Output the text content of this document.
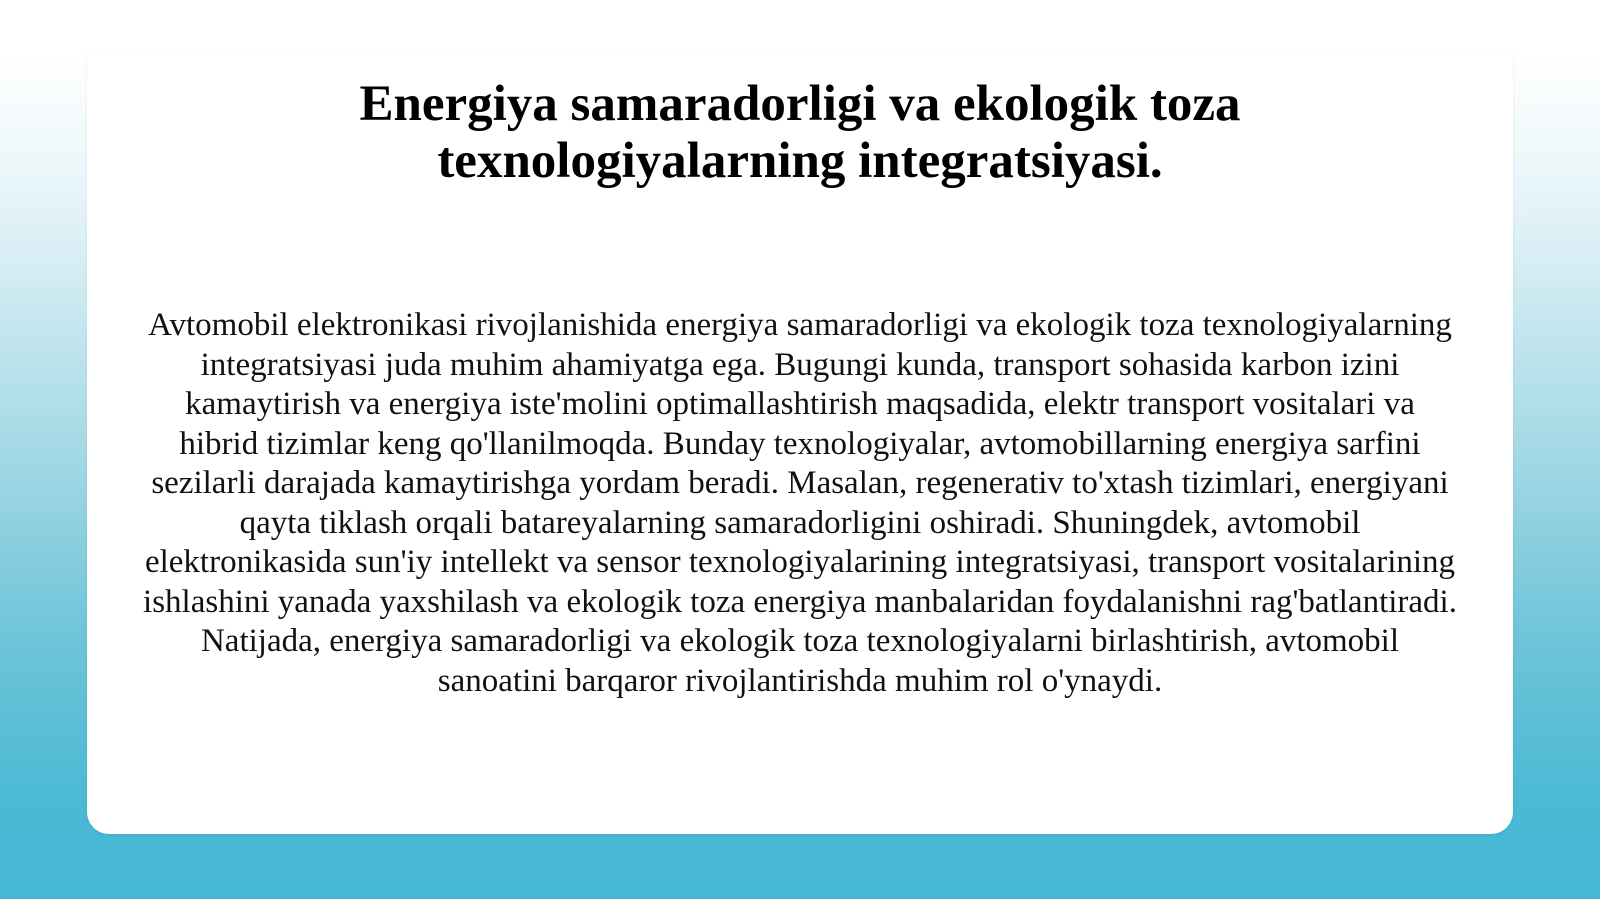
Energiya samaradorligi va ekologik toza
texnologiyalarning integratsiyasi.

Avtomobil elektronikasi rivojlanishida energiya samaradorligi va ekologik toza texnologiyalarning integratsiyasi juda muhim ahamiyatga ega. Bugungi kunda, transport sohasida karbon izini kamaytirish va energiya iste'molini optimallashtirish maqsadida, elektr transport vositalari va hibrid tizimlar keng qo'llanilmoqda. Bunday texnologiyalar, avtomobillarning energiya sarfini sezilarli darajada kamaytirishga yordam beradi. Masalan, regenerativ to'xtash tizimlari, energiyani qayta tiklash orqali batareyalarning samaradorligini oshiradi. Shuningdek, avtomobil elektronikasida sun'iy intellekt va sensor texnologiyalarining integratsiyasi, transport vositalarining ishlashini yanada yaxshilash va ekologik toza energiya manbalaridan foydalanishni rag'batlantiradi. Natijada, energiya samaradorligi va ekologik toza texnologiyalarni birlashtirish, avtomobil sanoatini barqaror rivojlantirishda muhim rol o'ynaydi.
